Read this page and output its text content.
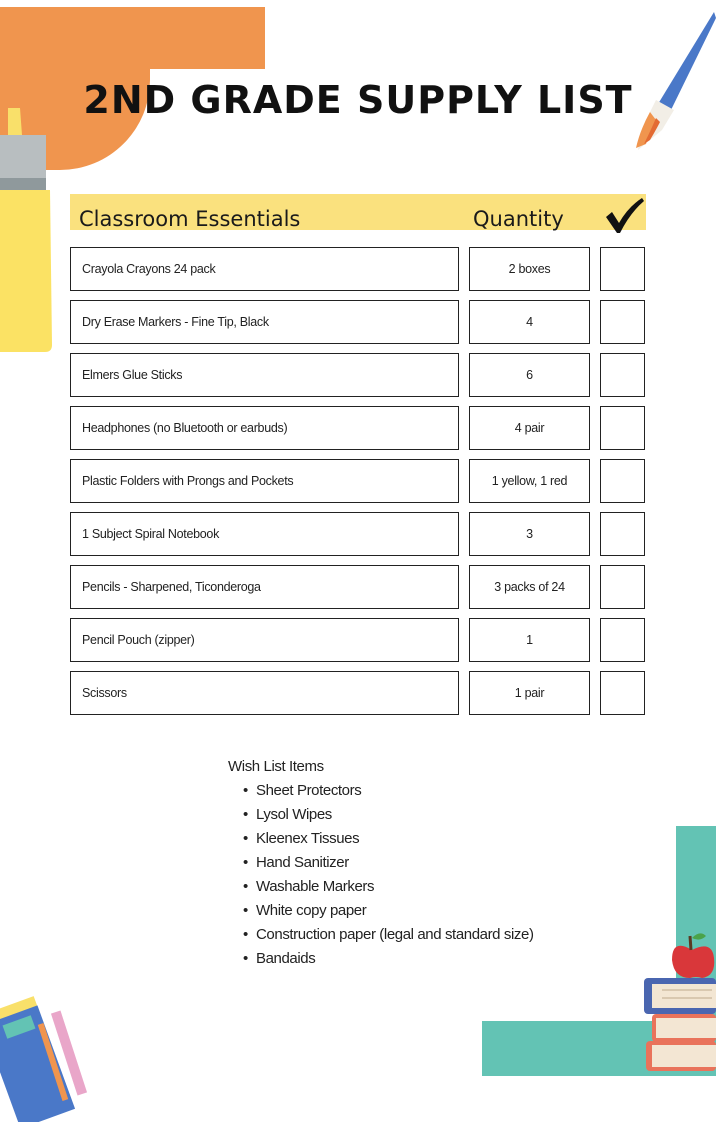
2ND GRADE SUPPLY LIST
Classroom Essentials	Quantity
Crayola Crayons 24 pack	2 boxes
Dry Erase Markers - Fine Tip, Black	4
Elmers Glue Sticks	6
Headphones (no Bluetooth or earbuds)	4 pair
Plastic Folders with Prongs and Pockets	1 yellow, 1 red
1 Subject Spiral Notebook	3
Pencils - Sharpened, Ticonderoga	3 packs of 24
Pencil Pouch (zipper)	1
Scissors	1 pair
Wish List Items
• Sheet Protectors
• Lysol Wipes
• Kleenex Tissues
• Hand Sanitizer
• Washable Markers
• White copy paper
• Construction paper (legal and standard size)
• Bandaids
